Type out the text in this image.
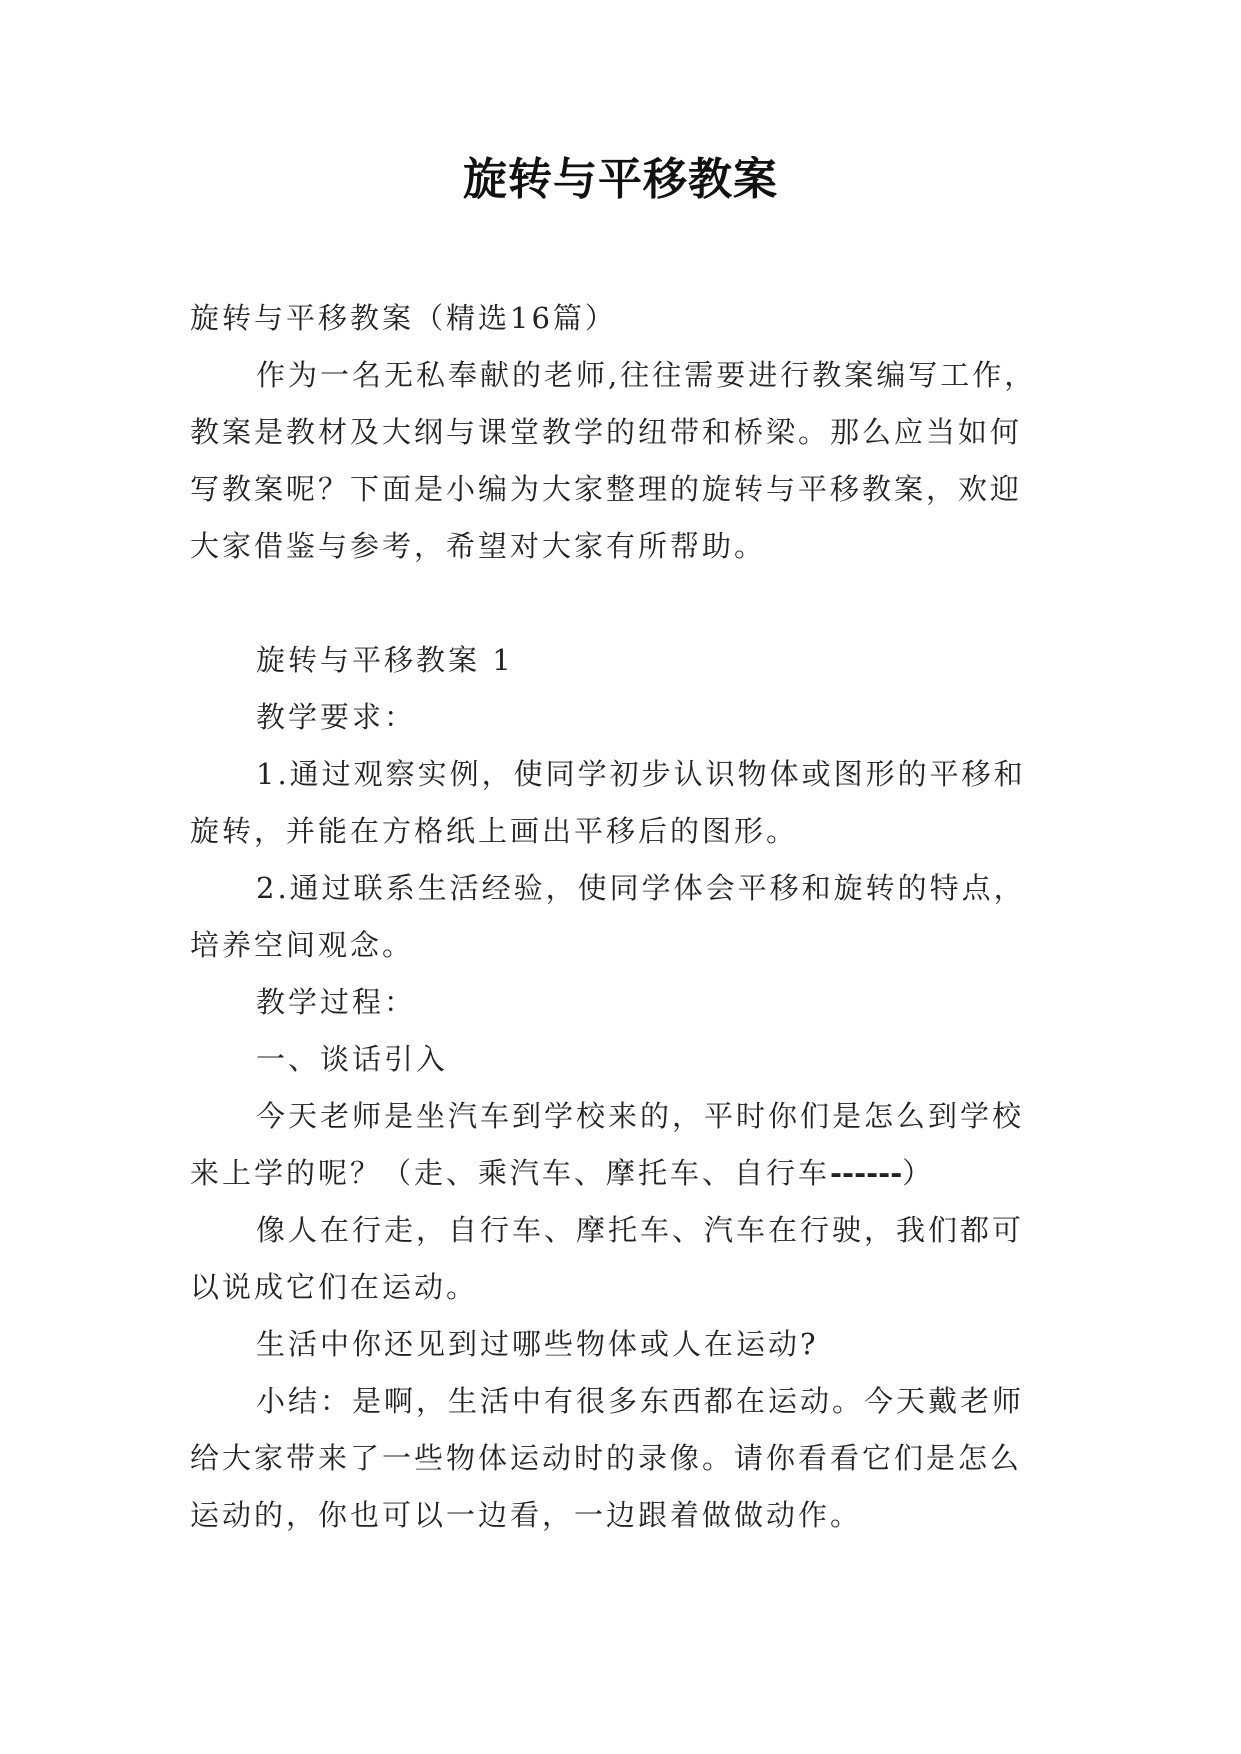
旋转与平移教案
旋转与平移教案（精选16篇）
作为一名无私奉献的老师,往往需要进行教案编写工作，
教案是教材及大纲与课堂教学的纽带和桥梁。那么应当如何
写教案呢？下面是小编为大家整理的旋转与平移教案，欢迎
大家借鉴与参考，希望对大家有所帮助。
旋转与平移教案 1
教学要求：
1.通过观察实例，使同学初步认识物体或图形的平移和
旋转，并能在方格纸上画出平移后的图形。
2.通过联系生活经验，使同学体会平移和旋转的特点，
培养空间观念。
教学过程：
一、谈话引入
今天老师是坐汽车到学校来的，平时你们是怎么到学校
来上学的呢？（走、乘汽车、摩托车、自行车------）
像人在行走，自行车、摩托车、汽车在行驶，我们都可
以说成它们在运动。
生活中你还见到过哪些物体或人在运动?
小结：是啊，生活中有很多东西都在运动。今天戴老师
给大家带来了一些物体运动时的录像。请你看看它们是怎么
运动的，你也可以一边看，一边跟着做做动作。
